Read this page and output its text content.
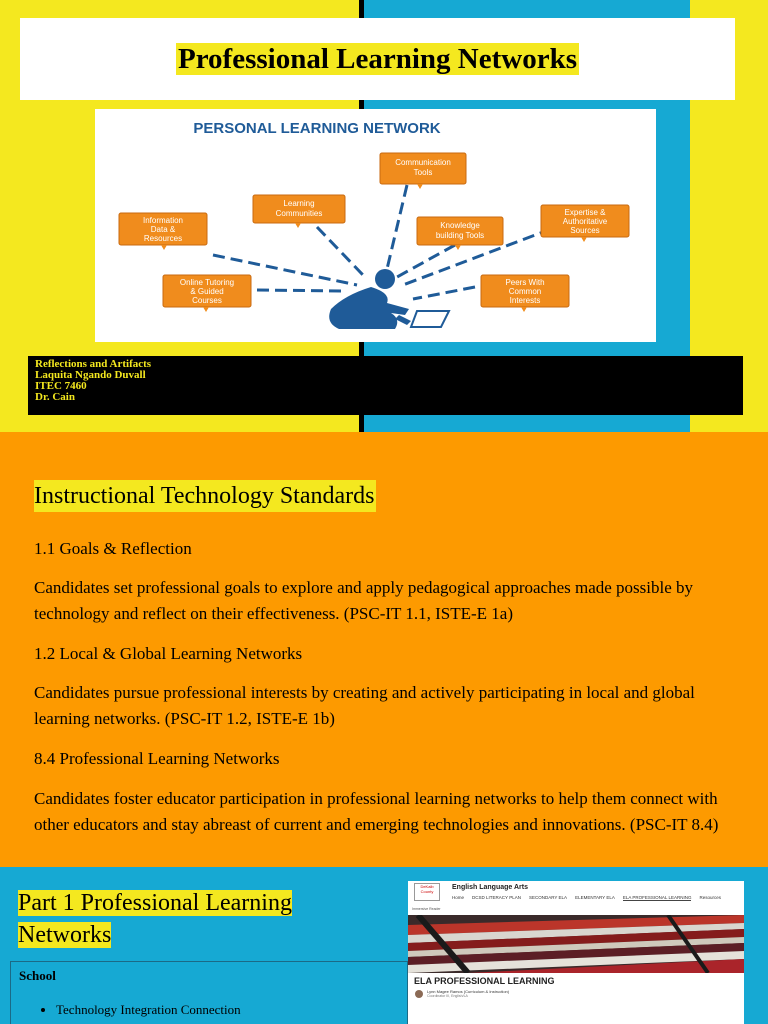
Professional Learning Networks
PERSONAL LEARNING NETWORK
Communication
Tools
Learning
Communities
Information
Data &
Resources
Knowledge
building Tools
Expertise &
Authoritative
Sources
Online Tutoring
& Guided
Courses
Peers With
Common
Interests
Reflections and Artifacts
Laquita Ngando Duvall
ITEC 7460
Dr. Cain
Instructional Technology Standards
1.1 Goals & Reflection
Candidates set professional goals to explore and apply pedagogical approaches made possible by technology and reflect on their effectiveness. (PSC-IT 1.1, ISTE-E 1a)
1.2 Local & Global Learning Networks
Candidates pursue professional interests by creating and actively participating in local and global learning networks. (PSC-IT 1.2, ISTE-E 1b)
8.4 Professional Learning Networks
Candidates foster educator participation in professional learning networks to help them connect with other educators and stay abreast of current and emerging technologies and innovations. (PSC-IT 8.4)
Part 1 Professional Learning
Networks
School
• Technology Integration Connection
DeKalb County
English Language Arts
Home DCSD LITERACY PLAN SECONDARY ELA ELEMENTARY ELA ELA PROFESSIONAL LEARNING Resources
Immersive Reader
ELA PROFESSIONAL LEARNING
Lynn Magee Ramos (Curriculum & Instruction)
Coordinator III, English/LA
